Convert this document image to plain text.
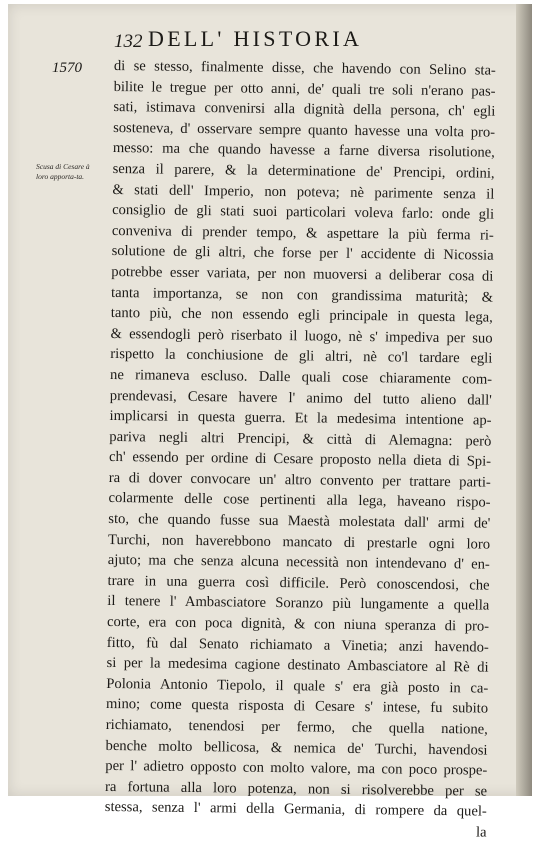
132 DELL' HISTORIA
1570
Scusa di Cesare à loro apporta-ta.
di se stesso, finalmente disse, che havendo con Selino sta-
bilite le tregue per otto anni, de' quali tre soli n'erano pas-
sati, istimava convenirsi alla dignità della persona, ch' egli
sosteneva, d' osservare sempre quanto havesse una volta pro-
messo: ma che quando havesse a farne diversa risolutione,
senza il parere, & la determinatione de' Prencipi, ordini,
& stati dell' Imperio, non poteva; nè parimente senza il
consiglio de gli stati suoi particolari voleva farlo: onde gli
conveniva di prender tempo, & aspettare la più ferma ri-
solutione de gli altri, che forse per l' accidente di Nicossia
potrebbe esser variata, per non muoversi a deliberar cosa di
tanta importanza, se non con grandissima maturità; &
tanto più, che non essendo egli principale in questa lega,
& essendogli però riserbato il luogo, nè s' impediva per suo
rispetto la conchiusione de gli altri, nè co'l tardare egli
ne rimaneva escluso. Dalle quali cose chiaramente com-
prendevasi, Cesare havere l' animo del tutto alieno dall'
implicarsi in questa guerra. Et la medesima intentione ap-
pariva negli altri Prencipi, & città di Alemagna: però
ch' essendo per ordine di Cesare proposto nella dieta di Spi-
ra di dover convocare un' altro convento per trattare parti-
colarmente delle cose pertinenti alla lega, haveano rispo-
sto, che quando fusse sua Maestà molestata dall' armi de'
Turchi, non haverebbono mancato di prestarle ogni loro
ajuto; ma che senza alcuna necessità non intendevano d' en-
trare in una guerra così difficile. Però conoscendosi, che
il tenere l' Ambasciatore Soranzo più lungamente a quella
corte, era con poca dignità, & con niuna speranza di pro-
fitto, fù dal Senato richiamato a Vinetia; anzi havendo-
si per la medesima cagione destinato Ambasciatore al Rè di
Polonia Antonio Tiepolo, il quale s' era già posto in ca-
mino; come questa risposta di Cesare s' intese, fu subito
richiamato, tenendosi per fermo, che quella natione,
benche molto bellicosa, & nemica de' Turchi, havendosi
per l' adietro opposto con molto valore, ma con poco prospe-
ra fortuna alla loro potenza, non si risolverebbe per se
stessa, senza l' armi della Germania, di rompere da quel-
la
